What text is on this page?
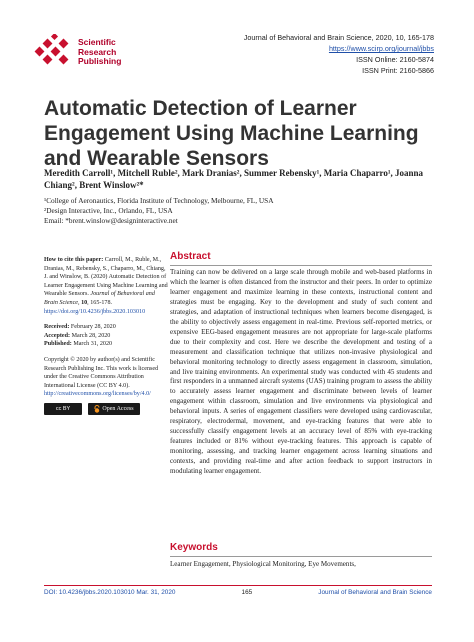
Scientific
Research
Publishing
Journal of Behavioral and Brain Science, 2020, 10, 165-178
https://www.scirp.org/journal/jbbs
ISSN Online: 2160-5874
ISSN Print: 2160-5866
Automatic Detection of Learner Engagement Using Machine Learning and Wearable Sensors
Meredith Carroll¹, Mitchell Ruble², Mark Dranias², Summer Rebensky¹, Maria Chaparro¹, Joanna Chiang², Brent Winslow²*
¹College of Aeronautics, Florida Institute of Technology, Melbourne, FL, USA
²Design Interactive, Inc., Orlando, FL, USA
Email: *brent.winslow@designinteractive.net
How to cite this paper: Carroll, M., Ruble, M., Dranias, M., Rebensky, S., Chaparro, M., Chiang, J. and Winslow, B. (2020) Automatic Detection of Learner Engagement Using Machine Learning and Wearable Sensors. Journal of Behavioral and Brain Science, 10, 165-178.
https://doi.org/10.4236/jbbs.2020.103010
Received: February 28, 2020
Accepted: March 28, 2020
Published: March 31, 2020
Copyright © 2020 by author(s) and Scientific Research Publishing Inc. This work is licensed under the Creative Commons Attribution International License (CC BY 4.0).
http://creativecommons.org/licenses/by/4.0/
cc BY	Open Access
Abstract
Training can now be delivered on a large scale through mobile and web-based platforms in which the learner is often distanced from the instructor and their peers. In order to optimize learner engagement and maximize learning in these contexts, instructional content and strategies must be engaging. Key to the development and study of such content and strategies, and adaptation of instructional techniques when learners become disengaged, is the ability to objectively assess engagement in real-time. Previous self-reported metrics, or expensive EEG-based engagement measures are not appropriate for large-scale platforms due to their complexity and cost. Here we describe the development and testing of a measurement and classification technique that utilizes non-invasive physiological and behavioral monitoring technology to directly assess engagement in classroom, simulation, and live training environments. An experimental study was conducted with 45 students and first responders in a unmanned aircraft systems (UAS) training program to assess the ability to accurately assess learner engagement and discriminate between levels of learner engagement within classroom, simulation and live environments via physiological and behavioral inputs. A series of engagement classifiers were developed using cardiovascular, respiratory, electrodermal, movement, and eye-tracking features that were able to successfully classify engagement levels at an accuracy level of 85% with eye-tracking features included or 81% without eye-tracking features. This approach is capable of monitoring, assessing, and tracking learner engagement across learning situations and contexts, and providing real-time and after action feedback to support instructors in modulating learner engagement.
Keywords
Learner Engagement, Physiological Monitoring, Eye Movements,
DOI: 10.4236/jbbs.2020.103010 Mar. 31, 2020	165	Journal of Behavioral and Brain Science
